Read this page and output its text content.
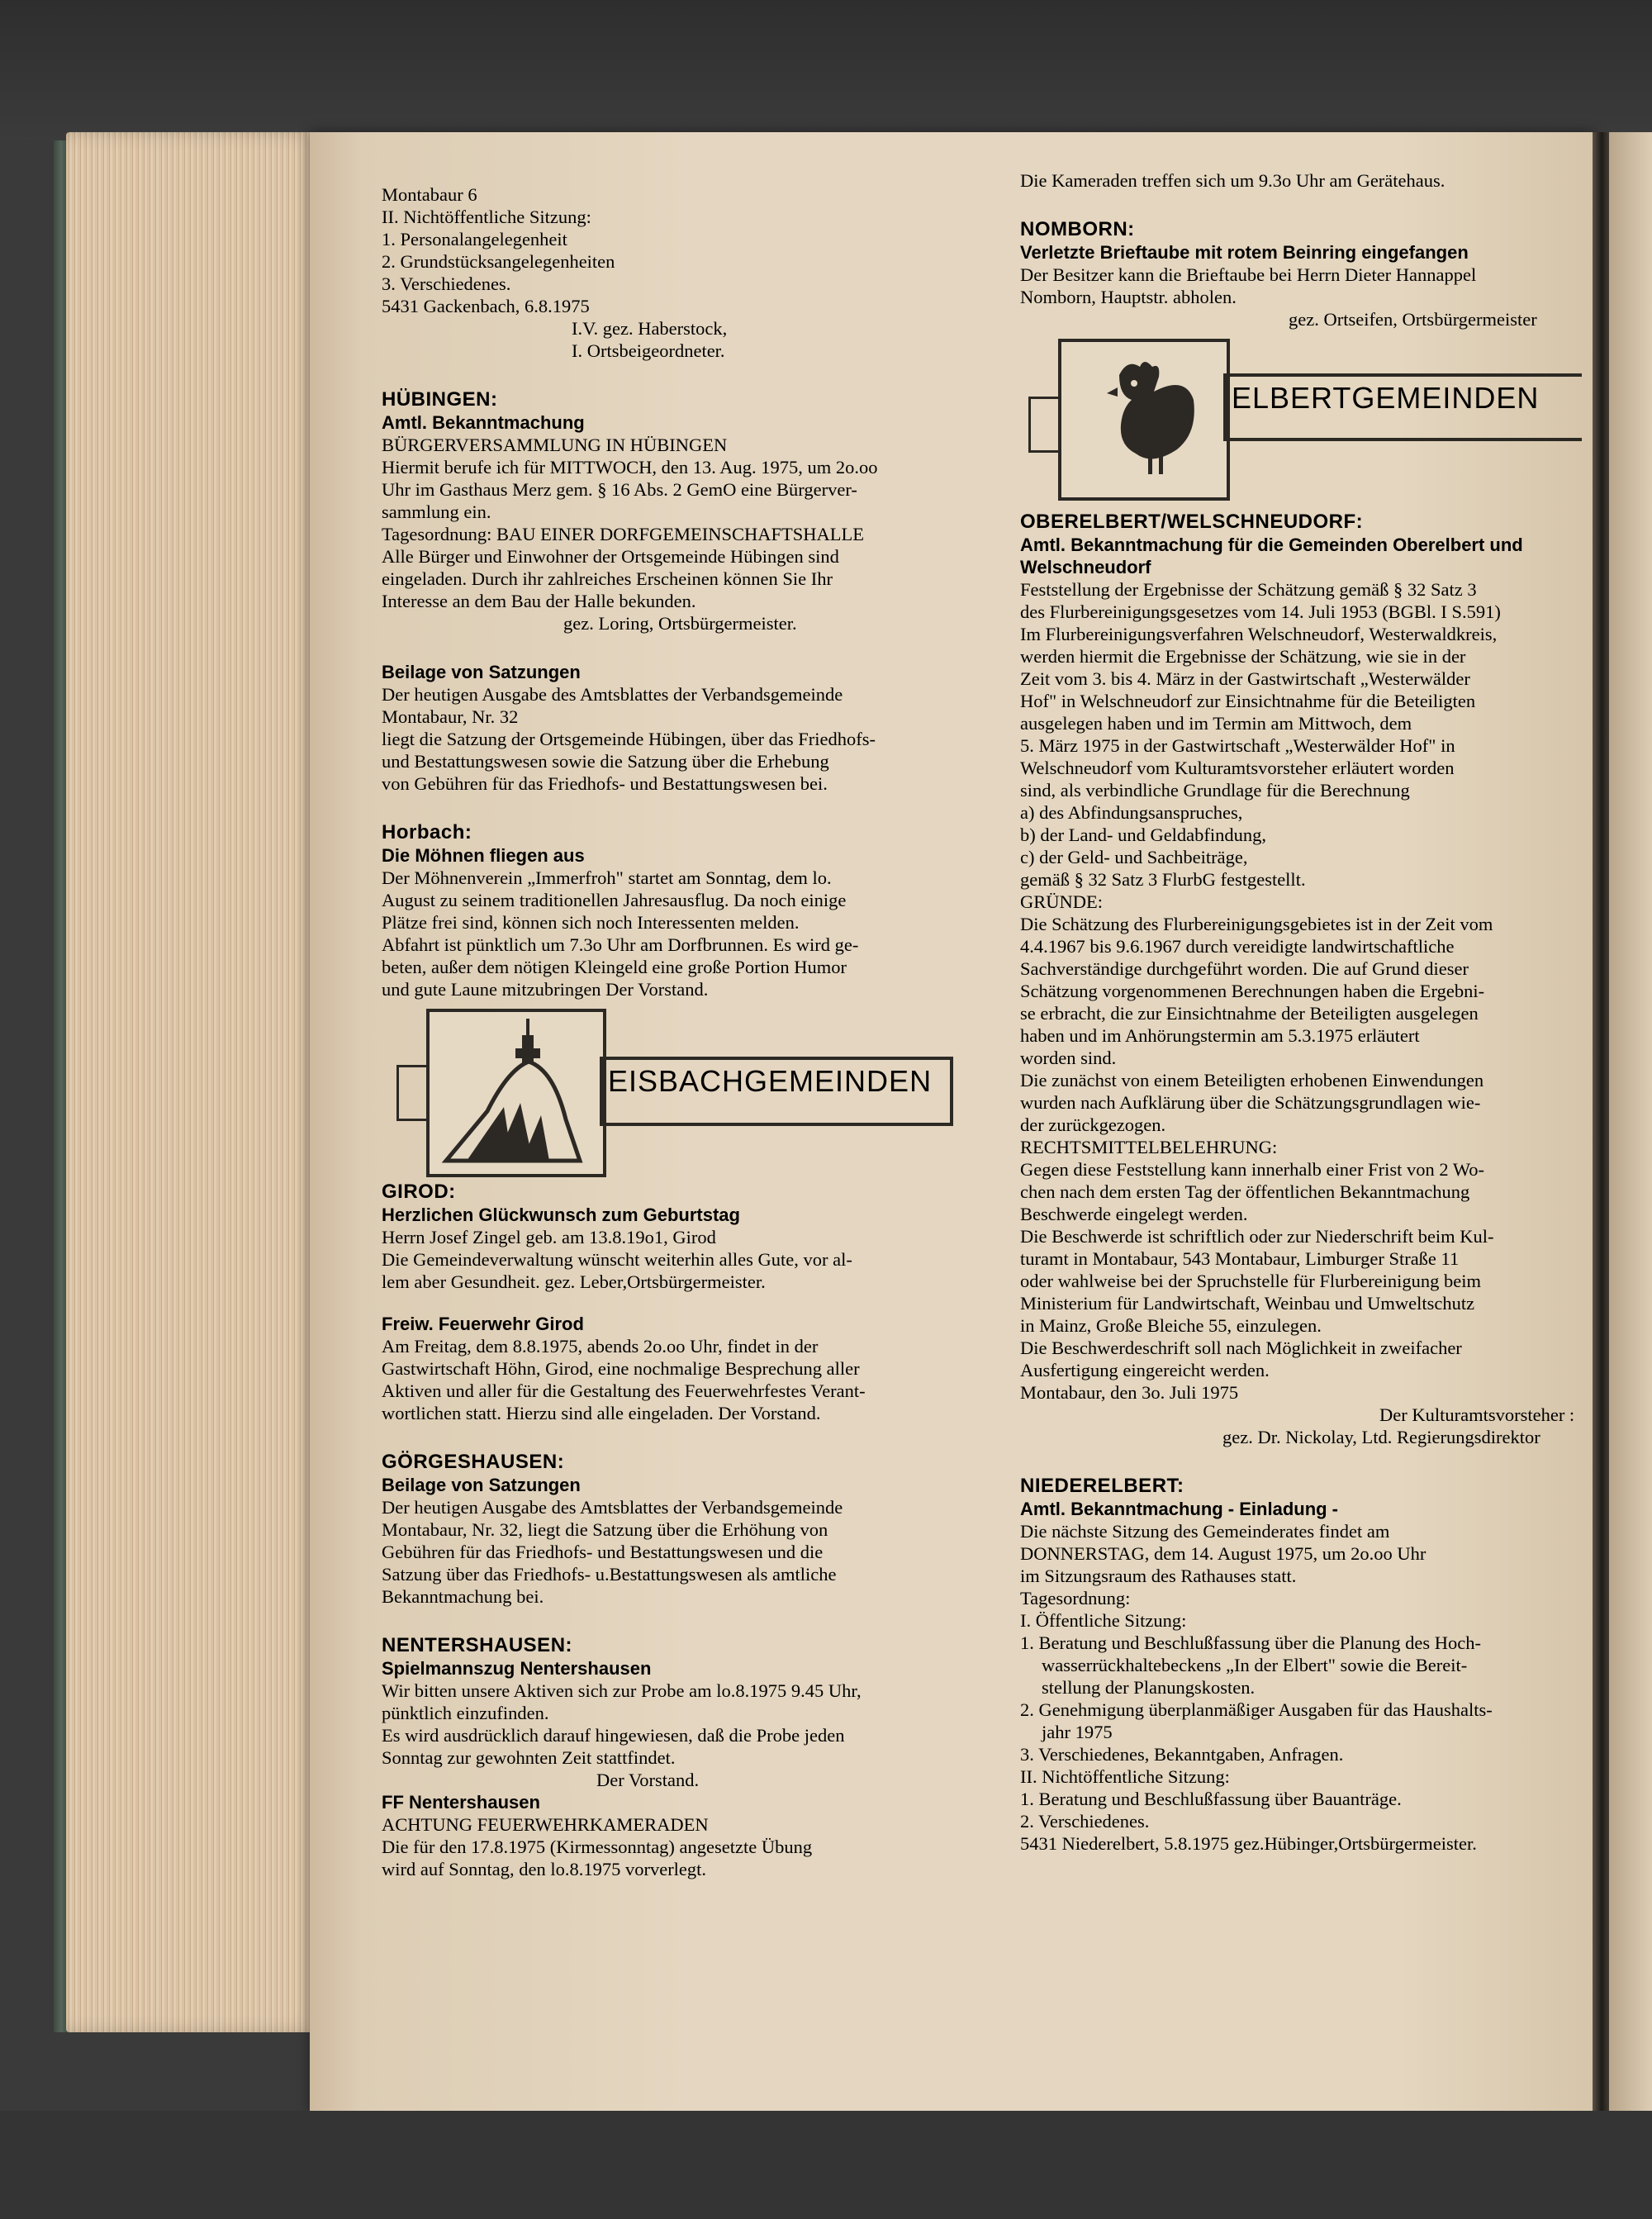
Montabaur 6
II. Nichtöffentliche Sitzung:
1. Personalangelegenheit
2. Grundstücksangelegenheiten
3. Verschiedenes.
5431 Gackenbach, 6.8.1975
I.V. gez. Haberstock,
I. Ortsbeigeordneter.
HÜBINGEN:
Amtl. Bekanntmachung
BÜRGERVERSAMMLUNG IN HÜBINGEN
Hiermit berufe ich für MITTWOCH, den 13. Aug. 1975, um 2o.oo
Uhr im Gasthaus Merz gem. § 16 Abs. 2 GemO eine Bürgerver-
sammlung ein.
Tagesordnung: BAU EINER DORFGEMEINSCHAFTSHALLE
Alle Bürger und Einwohner der Ortsgemeinde Hübingen sind
eingeladen. Durch ihr zahlreiches Erscheinen können Sie Ihr
Interesse an dem Bau der Halle bekunden.
gez. Loring, Ortsbürgermeister.
Beilage von Satzungen
Der heutigen Ausgabe des Amtsblattes der Verbandsgemeinde
Montabaur, Nr. 32
liegt die Satzung der Ortsgemeinde Hübingen, über das Friedhofs-
und Bestattungswesen sowie die Satzung über die Erhebung
von Gebühren für das Friedhofs- und Bestattungswesen bei.
Horbach:
Die Möhnen fliegen aus
Der Möhnenverein „Immerfroh" startet am Sonntag, dem lo.
August zu seinem traditionellen Jahresausflug. Da noch einige
Plätze frei sind, können sich noch Interessenten melden.
Abfahrt ist pünktlich um 7.3o Uhr am Dorfbrunnen. Es wird ge-
beten, außer dem nötigen Kleingeld eine große Portion Humor
und gute Laune mitzubringen Der Vorstand.
EISBACHGEMEINDEN
GIROD:
Herzlichen Glückwunsch zum Geburtstag
Herrn Josef Zingel geb. am 13.8.19o1, Girod
Die Gemeindeverwaltung wünscht weiterhin alles Gute, vor al-
lem aber Gesundheit. gez. Leber,Ortsbürgermeister.
Freiw. Feuerwehr Girod
Am Freitag, dem 8.8.1975, abends 2o.oo Uhr, findet in der
Gastwirtschaft Höhn, Girod, eine nochmalige Besprechung aller
Aktiven und aller für die Gestaltung des Feuerwehrfestes Verant-
wortlichen statt. Hierzu sind alle eingeladen. Der Vorstand.
GÖRGESHAUSEN:
Beilage von Satzungen
Der heutigen Ausgabe des Amtsblattes der Verbandsgemeinde
Montabaur, Nr. 32, liegt die Satzung über die Erhöhung von
Gebühren für das Friedhofs- und Bestattungswesen und die
Satzung über das Friedhofs- u.Bestattungswesen als amtliche
Bekanntmachung bei.
NENTERSHAUSEN:
Spielmannszug Nentershausen
Wir bitten unsere Aktiven sich zur Probe am lo.8.1975 9.45 Uhr,
pünktlich einzufinden.
Es wird ausdrücklich darauf hingewiesen, daß die Probe jeden
Sonntag zur gewohnten Zeit stattfindet.
Der Vorstand.
FF Nentershausen
ACHTUNG FEUERWEHRKAMERADEN
Die für den 17.8.1975 (Kirmessonntag) angesetzte Übung
wird auf Sonntag, den lo.8.1975 vorverlegt.
Die Kameraden treffen sich um 9.3o Uhr am Gerätehaus.
NOMBORN:
Verletzte Brieftaube mit rotem Beinring eingefangen
Der Besitzer kann die Brieftaube bei Herrn Dieter Hannappel
Nomborn, Hauptstr. abholen.
gez. Ortseifen, Ortsbürgermeister
ELBERTGEMEINDEN
OBERELBERT/WELSCHNEUDORF:
Amtl. Bekanntmachung für die Gemeinden Oberelbert und
Welschneudorf
Feststellung der Ergebnisse der Schätzung gemäß § 32 Satz 3
des Flurbereinigungsgesetzes vom 14. Juli 1953 (BGBl. I S.591)
Im Flurbereinigungsverfahren Welschneudorf, Westerwaldkreis,
werden hiermit die Ergebnisse der Schätzung, wie sie in der
Zeit vom 3. bis 4. März in der Gastwirtschaft „Westerwälder
Hof" in Welschneudorf zur Einsichtnahme für die Beteiligten
ausgelegen haben und im Termin am Mittwoch, dem
5. März 1975 in der Gastwirtschaft „Westerwälder Hof" in
Welschneudorf vom Kulturamtsvorsteher erläutert worden
sind, als verbindliche Grundlage für die Berechnung
a) des Abfindungsanspruches,
b) der Land- und Geldabfindung,
c) der Geld- und Sachbeiträge,
gemäß § 32 Satz 3 FlurbG festgestellt.
GRÜNDE:
Die Schätzung des Flurbereinigungsgebietes ist in der Zeit vom
4.4.1967 bis 9.6.1967 durch vereidigte landwirtschaftliche
Sachverständige durchgeführt worden. Die auf Grund dieser
Schätzung vorgenommenen Berechnungen haben die Ergebni-
se erbracht, die zur Einsichtnahme der Beteiligten ausgelegen
haben und im Anhörungstermin am 5.3.1975 erläutert
worden sind.
Die zunächst von einem Beteiligten erhobenen Einwendungen
wurden nach Aufklärung über die Schätzungsgrundlagen wie-
der zurückgezogen.
RECHTSMITTELBELEHRUNG:
Gegen diese Feststellung kann innerhalb einer Frist von 2 Wo-
chen nach dem ersten Tag der öffentlichen Bekanntmachung
Beschwerde eingelegt werden.
Die Beschwerde ist schriftlich oder zur Niederschrift beim Kul-
turamt in Montabaur, 543 Montabaur, Limburger Straße 11
oder wahlweise bei der Spruchstelle für Flurbereinigung beim
Ministerium für Landwirtschaft, Weinbau und Umweltschutz
in Mainz, Große Bleiche 55, einzulegen.
Die Beschwerdeschrift soll nach Möglichkeit in zweifacher
Ausfertigung eingereicht werden.
Montabaur, den 3o. Juli 1975
Der Kulturamtsvorsteher :
gez. Dr. Nickolay, Ltd. Regierungsdirektor
NIEDERELBERT:
Amtl. Bekanntmachung - Einladung -
Die nächste Sitzung des Gemeinderates findet am
DONNERSTAG, dem 14. August 1975, um 2o.oo Uhr
im Sitzungsraum des Rathauses statt.
Tagesordnung:
I. Öffentliche Sitzung:
1. Beratung und Beschlußfassung über die Planung des Hoch-
wasserrückhaltebeckens „In der Elbert" sowie die Bereit-
stellung der Planungskosten.
2. Genehmigung überplanmäßiger Ausgaben für das Haushalts-
jahr 1975
3. Verschiedenes, Bekanntgaben, Anfragen.
II. Nichtöffentliche Sitzung:
1. Beratung und Beschlußfassung über Bauanträge.
2. Verschiedenes.
5431 Niederelbert, 5.8.1975 gez.Hübinger,Ortsbürgermeister.
